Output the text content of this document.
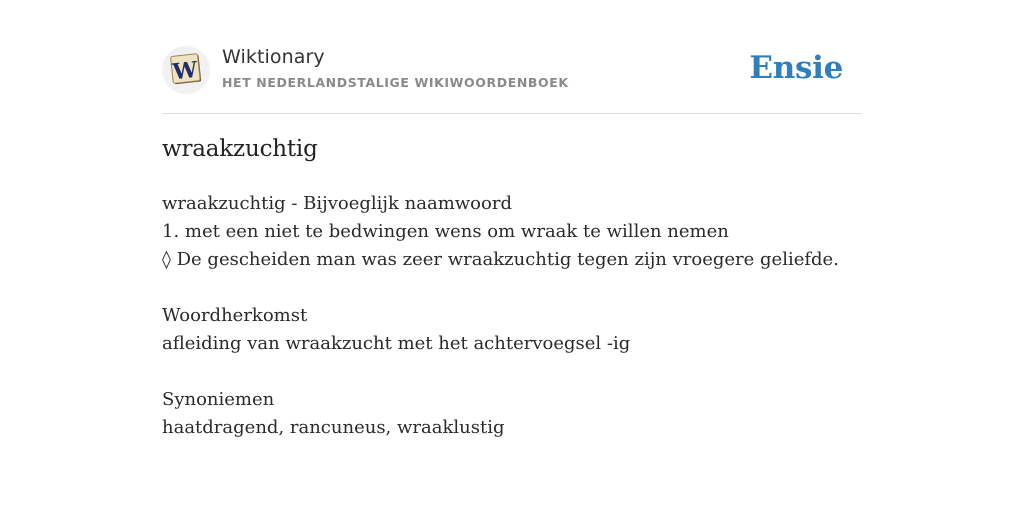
W Wiktionary
HET NEDERLANDSTALIGE WIKIWOORDENBOEK	Ensie
wraakzuchtig
wraakzuchtig - Bijvoeglijk naamwoord
1. met een niet te bedwingen wens om wraak te willen nemen
◊ De gescheiden man was zeer wraakzuchtig tegen zijn vroegere geliefde.
Woordherkomst
afleiding van wraakzucht met het achtervoegsel -ig
Synoniemen
haatdragend, rancuneus, wraaklustig
